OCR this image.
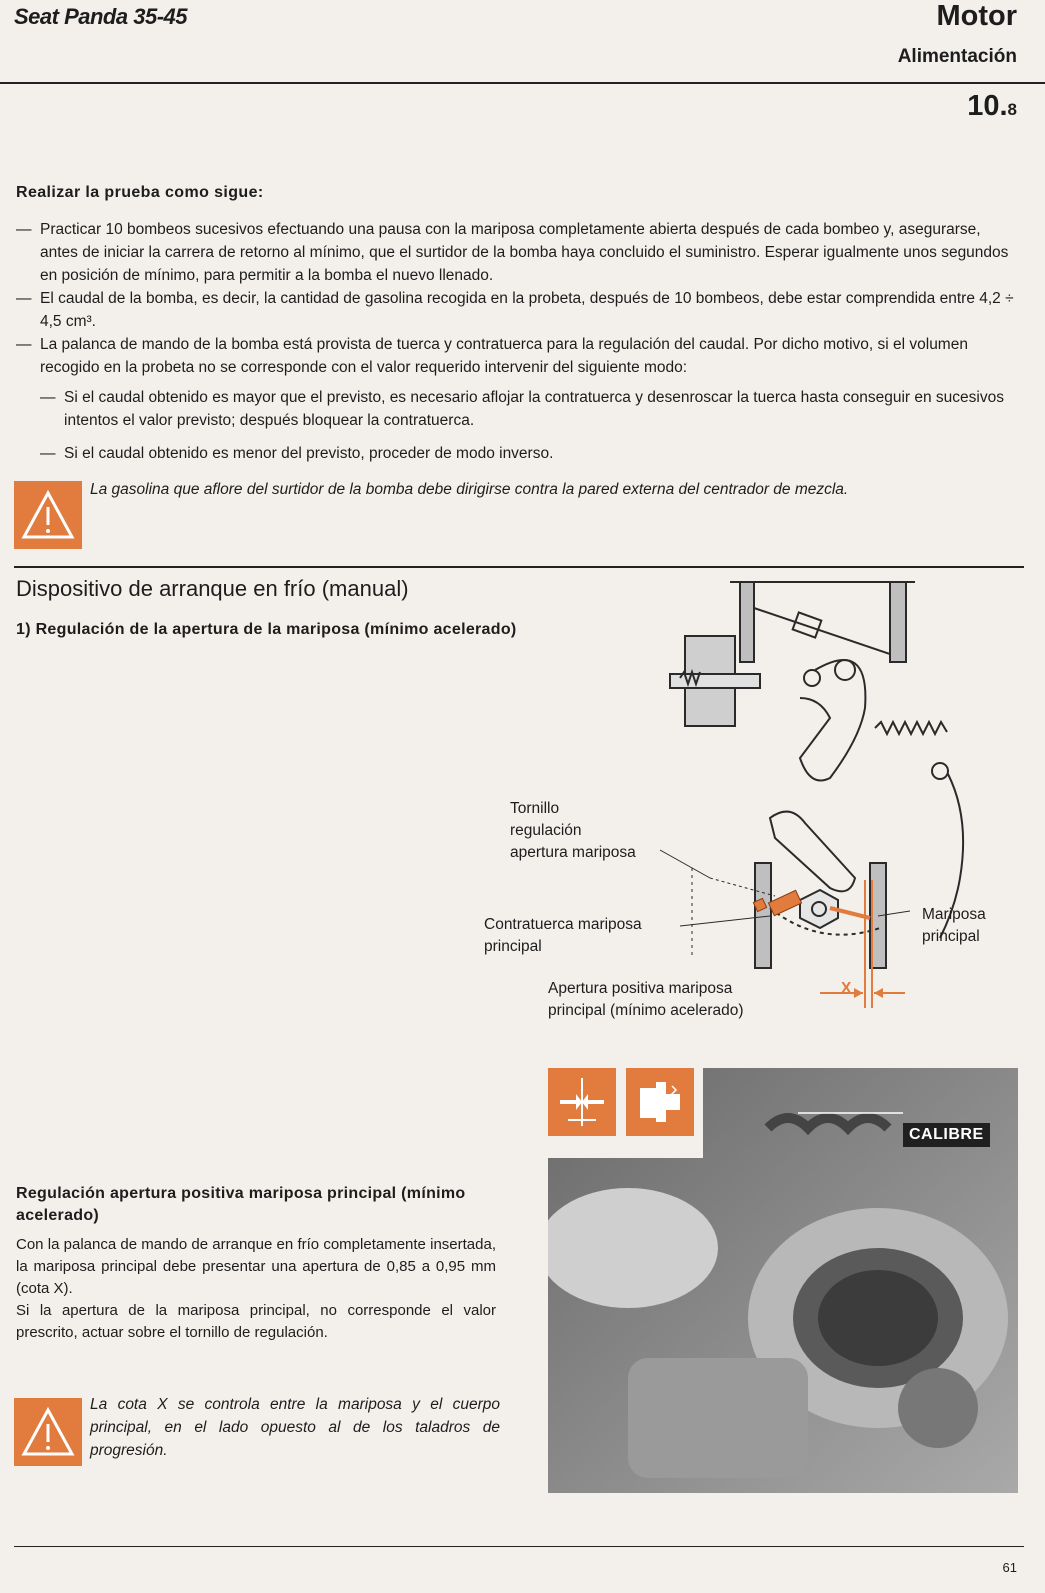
Seat Panda 35-45	Motor
Alimentación
10.8
Realizar la prueba como sigue:
— Practicar 10 bombeos sucesivos efectuando una pausa con la mariposa completamente abierta después de cada bombeo y, asegurarse, antes de iniciar la carrera de retorno al mínimo, que el surtidor de la bomba haya concluido el suministro. Esperar igualmente unos segundos en posición de mínimo, para permitir a la bomba el nuevo llenado.
— El caudal de la bomba, es decir, la cantidad de gasolina recogida en la probeta, después de 10 bombeos, debe estar comprendida entre 4,2 ÷ 4,5 cm³.
— La palanca de mando de la bomba está provista de tuerca y contratuerca para la regulación del caudal. Por dicho motivo, si el volumen recogido en la probeta no se corresponde con el valor requerido intervenir del siguiente modo:
— Si el caudal obtenido es mayor que el previsto, es necesario aflojar la contratuerca y desenroscar la tuerca hasta conseguir en sucesivos intentos el valor previsto; después bloquear la contratuerca.
— Si el caudal obtenido es menor del previsto, proceder de modo inverso.
La gasolina que aflore del surtidor de la bomba debe dirigirse contra la pared externa del centrador de mezcla.
Dispositivo de arranque en frío (manual)
1) Regulación de la apertura de la mariposa (mínimo acelerado)
Tornillo
regulación
apertura mariposa
Contratuerca mariposa
principal
Mariposa
principal
Apertura positiva mariposa
principal (mínimo acelerado)
X
Regulación apertura positiva mariposa principal (mínimo acelerado)
Con la palanca de mando de arranque en frío completamente insertada, la mariposa principal debe presentar una apertura de 0,85 a 0,95 mm (cota X).
Si la apertura de la mariposa principal, no corresponde el valor prescrito, actuar sobre el tornillo de regulación.
La cota X se controla entre la mariposa y el cuerpo principal, en el lado opuesto al de los taladros de progresión.
CALIBRE
61
